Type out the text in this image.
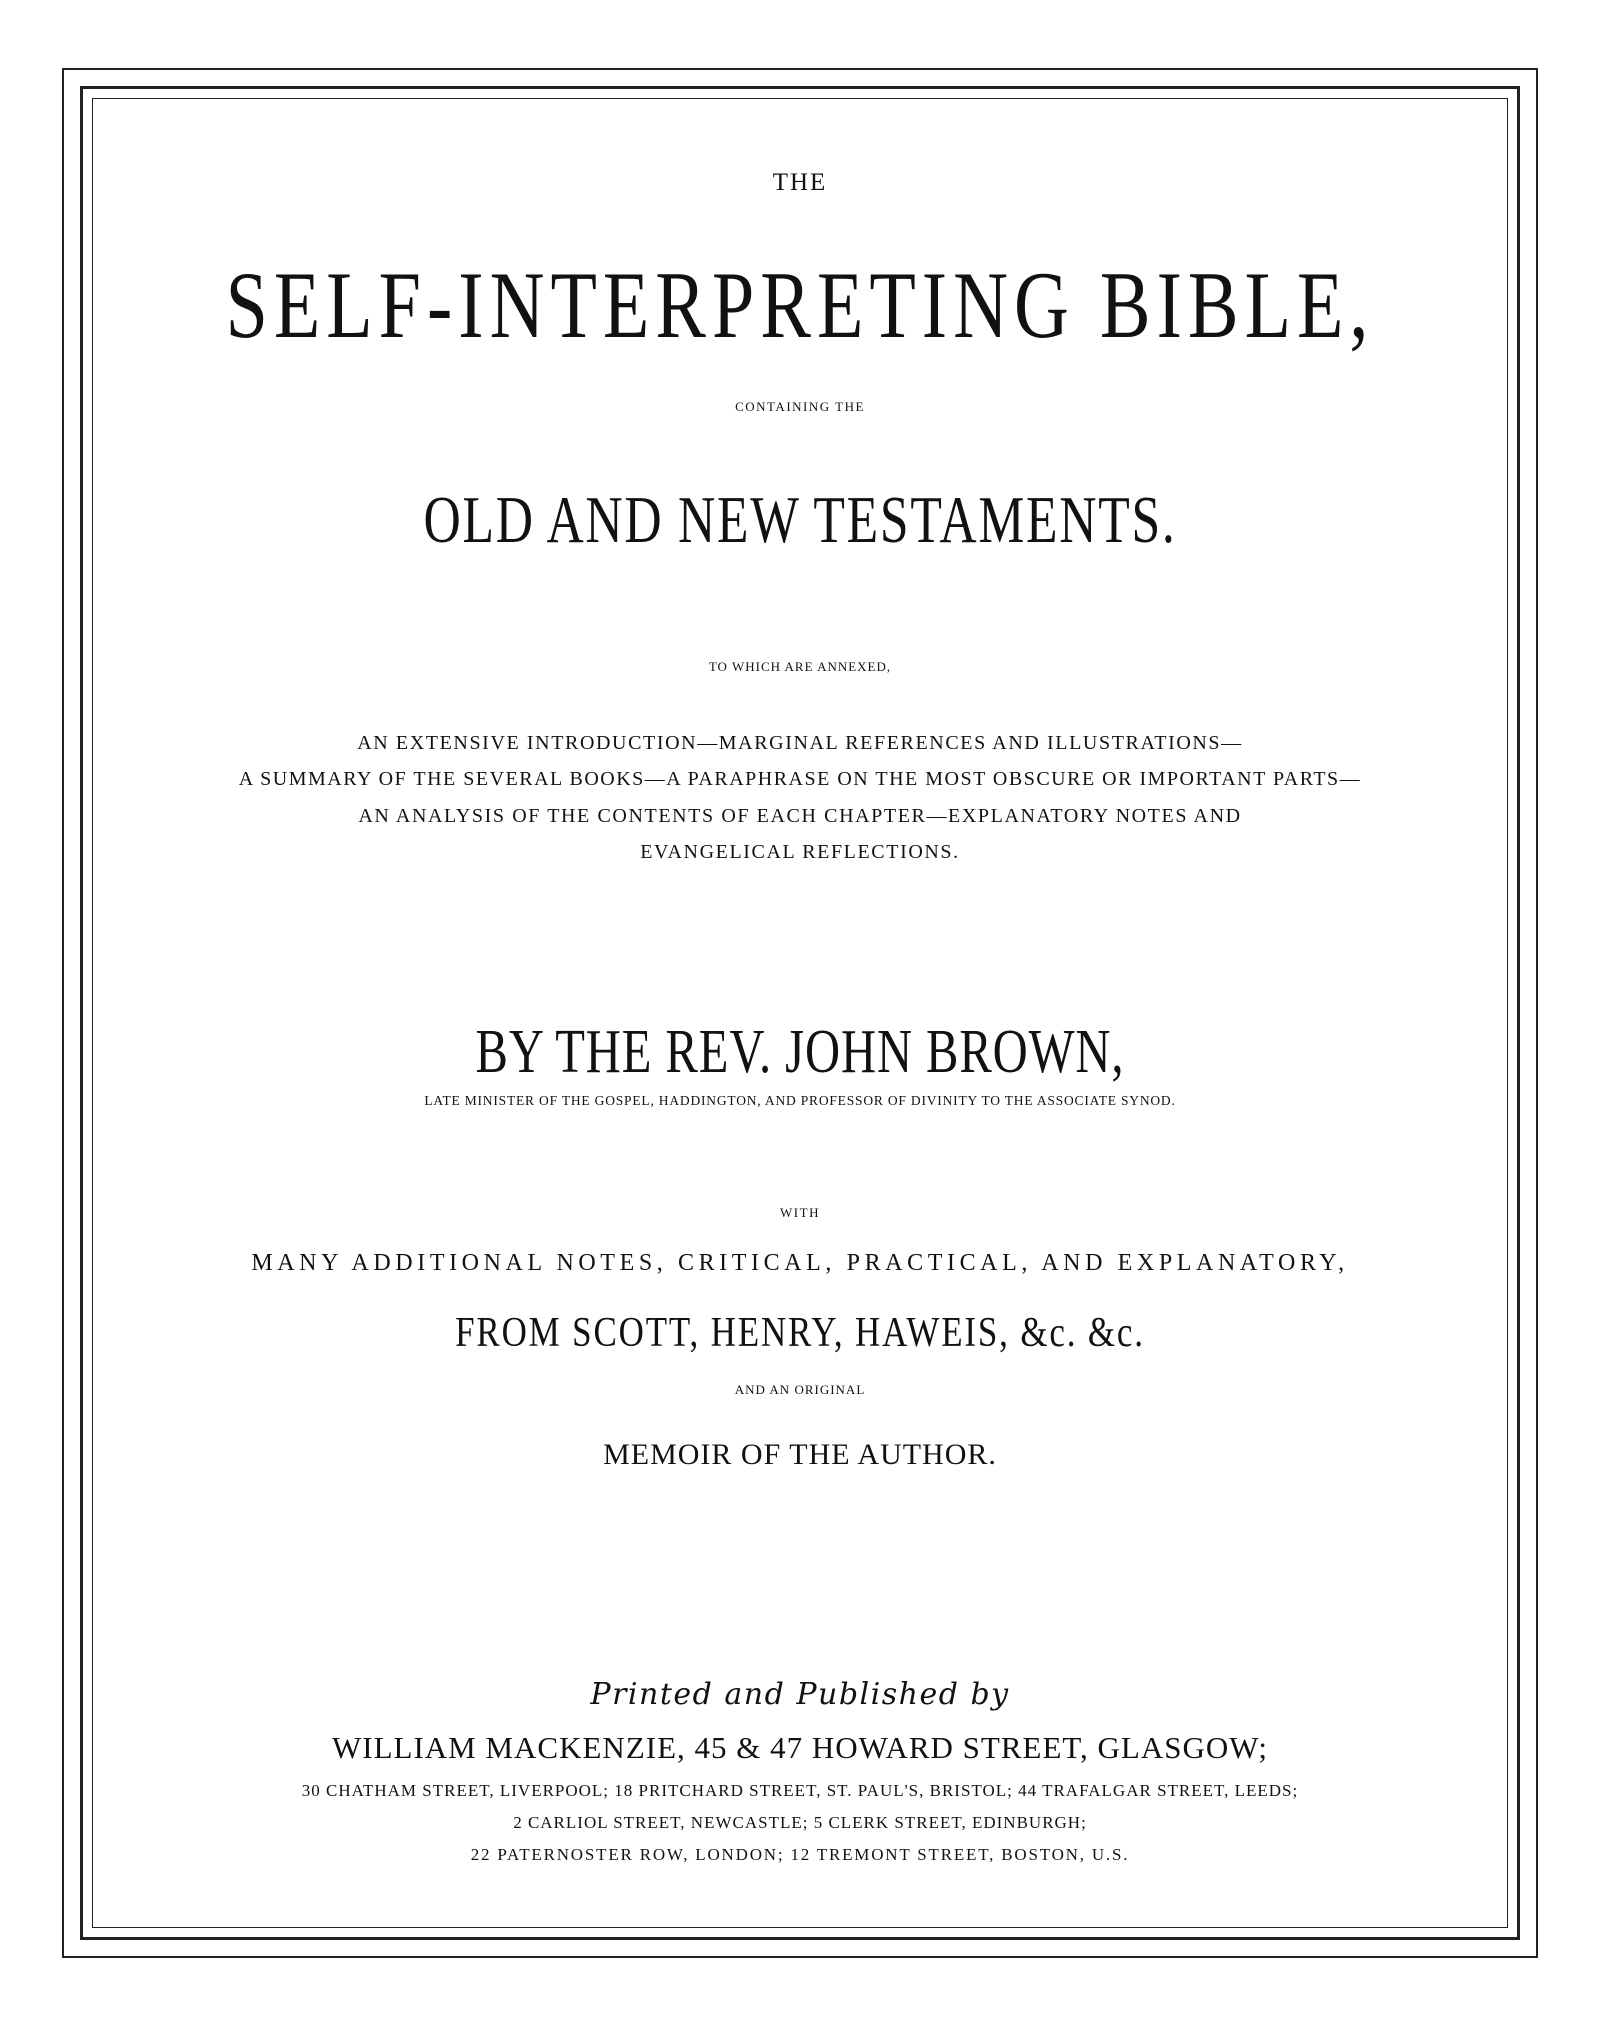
THE
SELF-INTERPRETING BIBLE,
CONTAINING THE
OLD AND NEW TESTAMENTS.
TO WHICH ARE ANNEXED,
AN EXTENSIVE INTRODUCTION—MARGINAL REFERENCES AND ILLUSTRATIONS—
A SUMMARY OF THE SEVERAL BOOKS—A PARAPHRASE ON THE MOST OBSCURE OR IMPORTANT PARTS—
AN ANALYSIS OF THE CONTENTS OF EACH CHAPTER—EXPLANATORY NOTES AND
EVANGELICAL REFLECTIONS.
BY THE REV. JOHN BROWN,
LATE MINISTER OF THE GOSPEL, HADDINGTON, AND PROFESSOR OF DIVINITY TO THE ASSOCIATE SYNOD.
WITH
MANY ADDITIONAL NOTES, CRITICAL, PRACTICAL, AND EXPLANATORY,
FROM SCOTT, HENRY, HAWEIS, &c. &c.
AND AN ORIGINAL
MEMOIR OF THE AUTHOR.
Printed and Published by
WILLIAM MACKENZIE, 45 & 47 HOWARD STREET, GLASGOW;
30 CHATHAM STREET, LIVERPOOL; 18 PRITCHARD STREET, ST. PAUL'S, BRISTOL; 44 TRAFALGAR STREET, LEEDS;
2 CARLIOL STREET, NEWCASTLE; 5 CLERK STREET, EDINBURGH;
22 PATERNOSTER ROW, LONDON; 12 TREMONT STREET, BOSTON, U.S.
